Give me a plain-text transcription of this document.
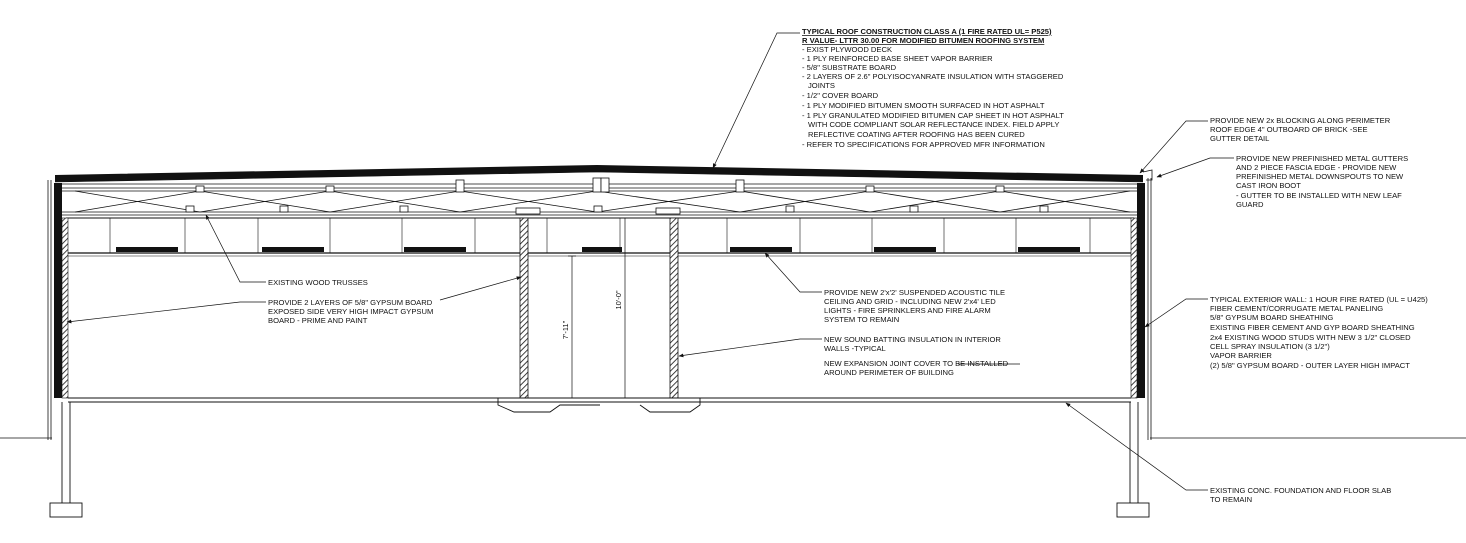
7'-11"
10'-0"
TYPICAL ROOF CONSTRUCTION CLASS A (1 FIRE RATED UL= P525)
R VALUE- LTTR 30.00 FOR MODIFIED BITUMEN ROOFING SYSTEM
- EXIST PLYWOOD DECK
- 1 PLY REINFORCED BASE SHEET VAPOR BARRIER
- 5/8" SUBSTRATE BOARD
- 2 LAYERS OF 2.6" POLYISOCYANRATE INSULATION WITH STAGGERED
JOINTS
- 1/2" COVER BOARD
- 1 PLY MODIFIED BITUMEN SMOOTH SURFACED IN HOT ASPHALT
- 1 PLY GRANULATED MODIFIED BITUMEN CAP SHEET IN HOT ASPHALT
WITH CODE COMPLIANT SOLAR REFLECTANCE INDEX. FIELD APPLY
REFLECTIVE COATING AFTER ROOFING HAS BEEN CURED
- REFER TO SPECIFICATIONS FOR APPROVED MFR INFORMATION
PROVIDE NEW 2x BLOCKING ALONG PERIMETER
ROOF EDGE 4" OUTBOARD OF BRICK -SEE
GUTTER DETAIL
PROVIDE NEW PREFINISHED METAL GUTTERS
AND 2 PIECE FASCIA EDGE - PROVIDE NEW
PREFINISHED METAL DOWNSPOUTS TO NEW
CAST IRON BOOT
- GUTTER TO BE INSTALLED WITH NEW LEAF
GUARD
EXISTING WOOD TRUSSES
PROVIDE 2 LAYERS OF 5/8" GYPSUM BOARD
EXPOSED SIDE VERY HIGH IMPACT GYPSUM
BOARD - PRIME AND PAINT
PROVIDE NEW 2'x'2' SUSPENDED ACOUSTIC TILE
CEILING AND GRID - INCLUDING NEW 2'x4' LED
LIGHTS - FIRE SPRINKLERS AND FIRE ALARM
SYSTEM TO REMAIN
NEW SOUND BATTING INSULATION IN INTERIOR
WALLS -TYPICAL
NEW EXPANSION JOINT COVER TO BE INSTALLED
AROUND PERIMETER OF BUILDING
TYPICAL EXTERIOR WALL: 1 HOUR FIRE RATED (UL = U425)
FIBER CEMENT/CORRUGATE METAL PANELING
5/8" GYPSUM BOARD SHEATHING
EXISTING FIBER CEMENT AND GYP BOARD SHEATHING
2x4 EXISTING WOOD STUDS WITH NEW 3 1/2" CLOSED
CELL SPRAY INSULATION (3 1/2")
VAPOR BARRIER
(2) 5/8" GYPSUM BOARD - OUTER LAYER HIGH IMPACT
EXISTING CONC. FOUNDATION AND FLOOR SLAB
TO REMAIN
